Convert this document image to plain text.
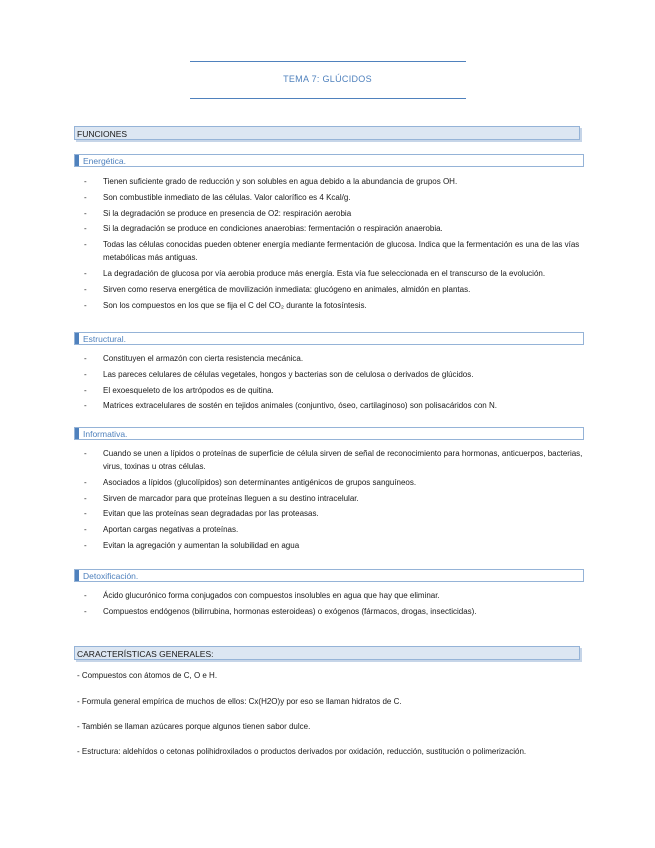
TEMA 7: GLÚCIDOS
FUNCIONES
Energética.
- Tienen suficiente grado de reducción y son solubles en agua debido a la abundancia de grupos OH.
- Son combustible inmediato de las células. Valor calorífico es 4 Kcal/g.
- Si la degradación se produce en presencia de O2: respiración aerobia
- Si la degradación se produce en condiciones anaerobias: fermentación o respiración anaerobia.
- Todas las células conocidas pueden obtener energía mediante fermentación de glucosa. Indica que la fermentación es una de las vías metabólicas más antiguas.
- La degradación de glucosa por vía aerobia produce más energía. Esta vía fue seleccionada en el transcurso de la evolución.
- Sirven como reserva energética de movilización inmediata: glucógeno en animales, almidón en plantas.
- Son los compuestos en los que se fija el C del CO₂ durante la fotosíntesis.
Estructural.
- Constituyen el armazón con cierta resistencia mecánica.
- Las pareces celulares de células vegetales, hongos y bacterias son de celulosa o derivados de glúcidos.
- El exoesqueleto de los artrópodos es de quitina.
- Matrices extracelulares de sostén en tejidos animales (conjuntivo, óseo, cartilaginoso) son polisacáridos con N.
Informativa.
- Cuando se unen a lípidos o proteínas de superficie de célula sirven de señal de reconocimiento para hormonas, anticuerpos, bacterias, virus, toxinas u otras células.
- Asociados a lípidos (glucolípidos) son determinantes antigénicos de grupos sanguíneos.
- Sirven de marcador para que proteínas lleguen a su destino intracelular.
- Evitan que las proteínas sean degradadas por las proteasas.
- Aportan cargas negativas a proteínas.
- Evitan la agregación y aumentan la solubilidad en agua
Detoxificación.
- Ácido glucurónico forma conjugados con compuestos insolubles en agua que hay que eliminar.
- Compuestos endógenos (bilirrubina, hormonas esteroideas) o exógenos (fármacos, drogas, insecticidas).
CARACTERÍSTICAS GENERALES:

- Compuestos con átomos de C, O e H.

- Formula general empírica de muchos de ellos: Cx(H2O)y por eso se llaman hidratos de C.

- También se llaman azúcares porque algunos tienen sabor dulce.

- Estructura: aldehídos o cetonas polihidroxilados o productos derivados por oxidación, reducción, sustitución o polimerización.
